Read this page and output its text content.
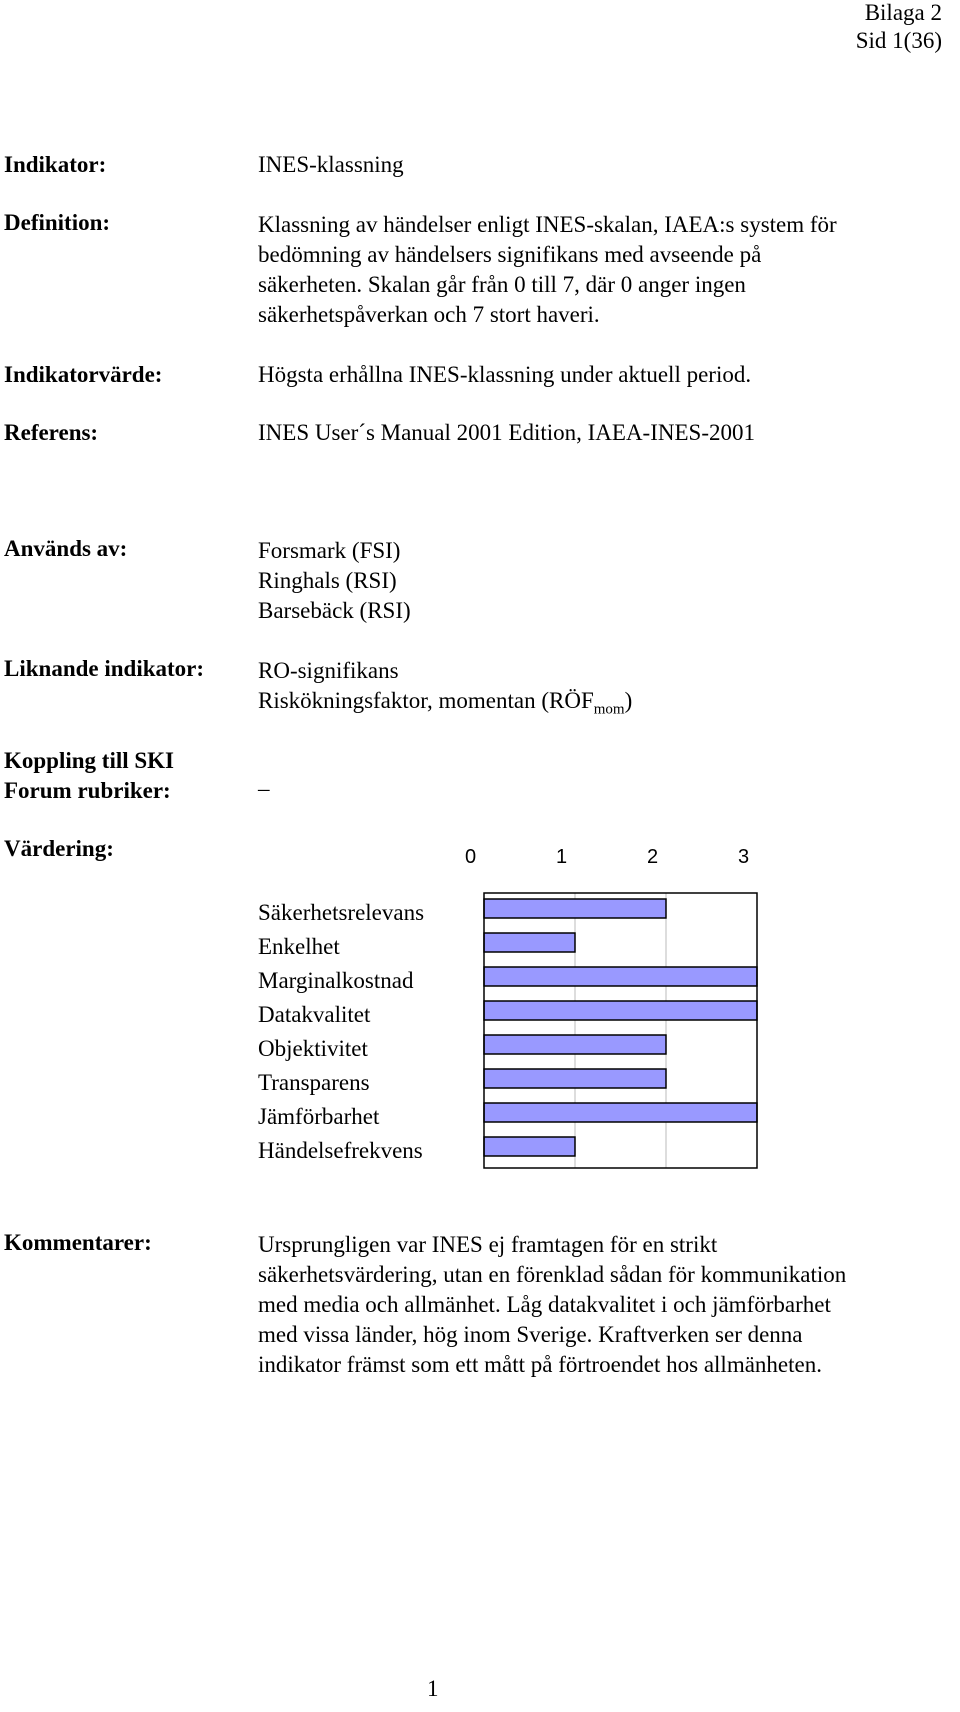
Bilaga 2
Sid 1(36)
Indikator:	INES-klassning
Definition:	Klassning av händelser enligt INES-skalan, IAEA:s system för
bedömning av händelsers signifikans med avseende på
säkerheten. Skalan går från 0 till 7, där 0 anger ingen
säkerhetspåverkan och 7 stort haveri.
Indikatorvärde:	Högsta erhållna INES-klassning under aktuell period.
Referens:	INES User´s Manual 2001 Edition, IAEA-INES-2001
Används av:	Forsmark (FSI)
Ringhals (RSI)
Barsebäck (RSI)
Liknande indikator: RO-signifikans
Riskökningsfaktor, momentan $(RÖF_{mom})$
Koppling till SKI
Forum rubriker:	–
Värdering:	0	1	2	3
Säkerhetsrelevans
Enkelhet
Marginalkostnad
Datakvalitet
Objektivitet
Transparens
Jämförbarhet
Händelsefrekvens
Kommentarer:	Ursprungligen var INES ej framtagen för en strikt
säkerhetsvärdering, utan en förenklad sådan för kommunikation
med media och allmänhet. Låg datakvalitet i och jämförbarhet
med vissa länder, hög inom Sverige. Kraftverken ser denna
indikator främst som ett mått på förtroendet hos allmänheten.
1
